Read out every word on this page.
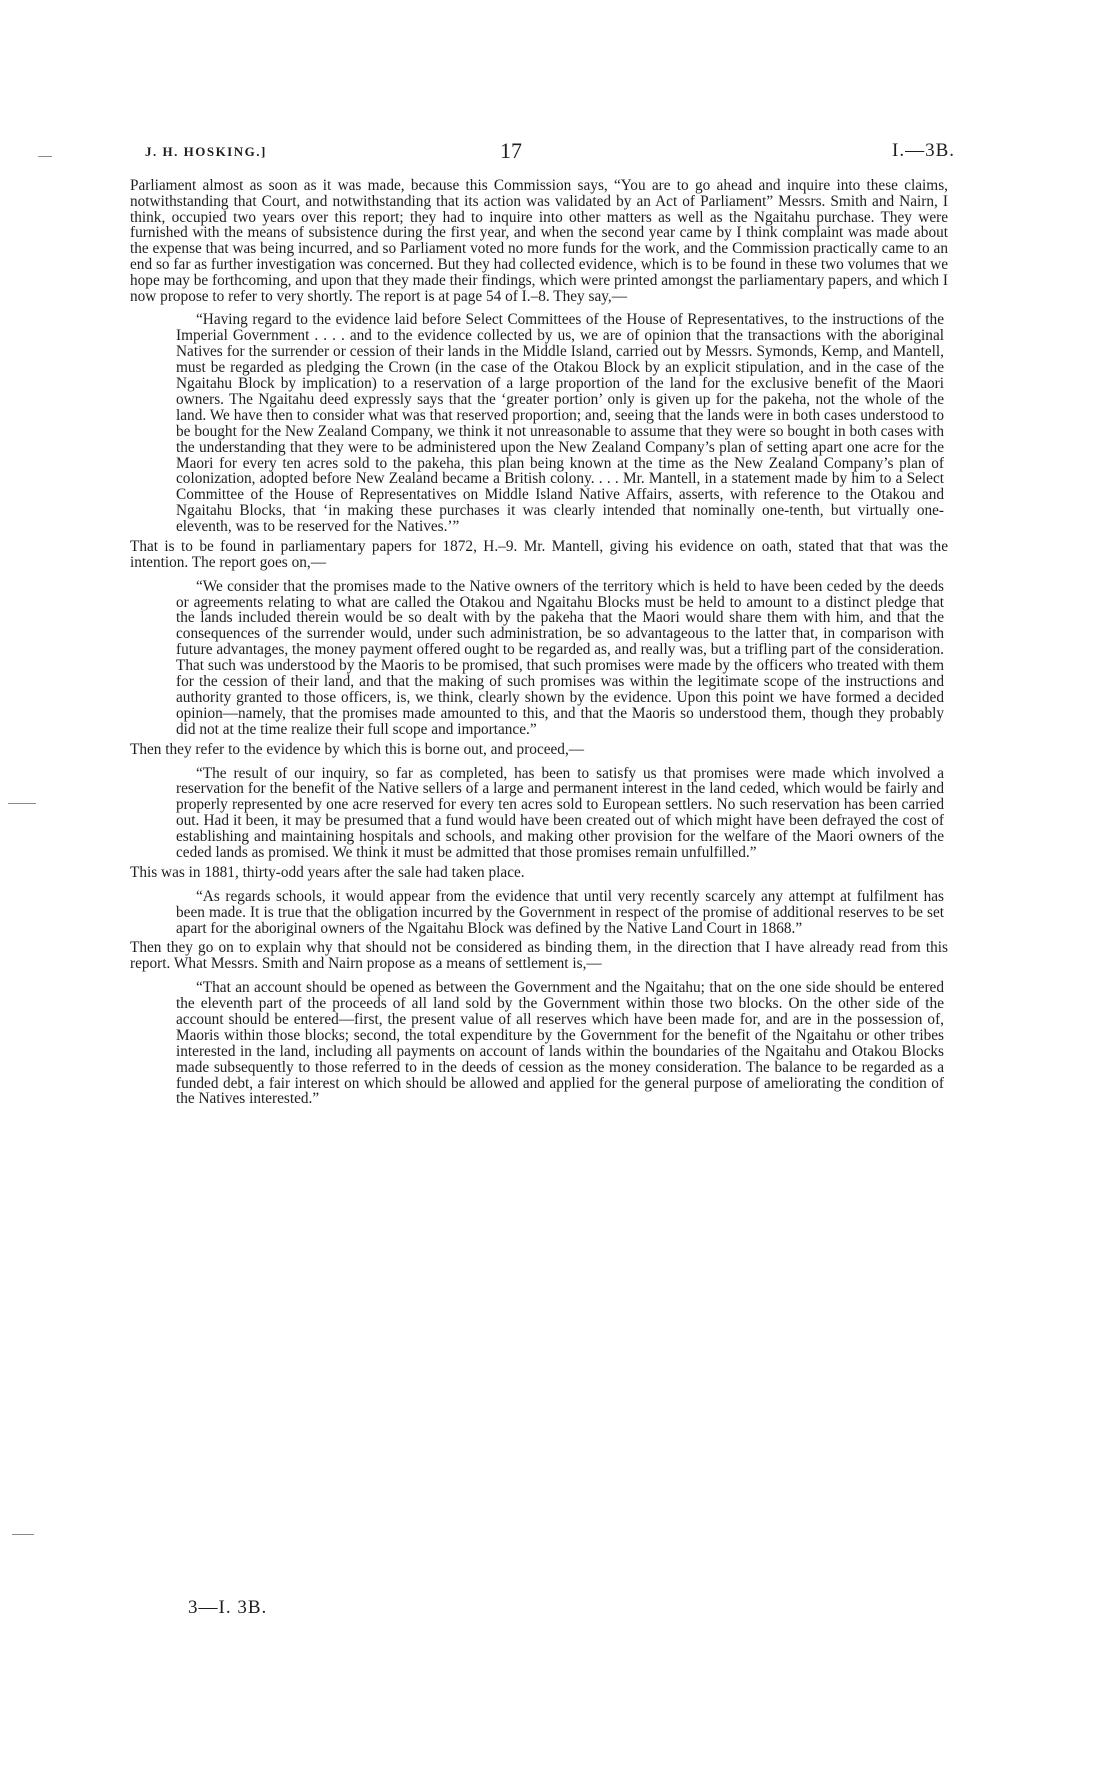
J. H. HOSKING.]	17	I.—3B.

Parliament almost as soon as it was made, because this Commission says, “You are to go ahead and inquire into these claims, notwithstanding that Court, and notwithstanding that its action was validated by an Act of Parliament” Messrs. Smith and Nairn, I think, occupied two years over this report; they had to inquire into other matters as well as the Ngaitahu purchase. They were furnished with the means of subsistence during the first year, and when the second year came by I think complaint was made about the expense that was being incurred, and so Parliament voted no more funds for the work, and the Commission practically came to an end so far as further investigation was concerned. But they had collected evidence, which is to be found in these two volumes that we hope may be forthcoming, and upon that they made their findings, which were printed amongst the parliamentary papers, and which I now propose to refer to very shortly. The report is at page 54 of I.–8. They say,—

“Having regard to the evidence laid before Select Committees of the House of Representatives, to the instructions of the Imperial Government . . . . and to the evidence collected by us, we are of opinion that the transactions with the aboriginal Natives for the surrender or cession of their lands in the Middle Island, carried out by Messrs. Symonds, Kemp, and Mantell, must be regarded as pledging the Crown (in the case of the Otakou Block by an explicit stipulation, and in the case of the Ngaitahu Block by implication) to a reservation of a large proportion of the land for the exclusive benefit of the Maori owners. The Ngaitahu deed expressly says that the ‘greater portion’ only is given up for the pakeha, not the whole of the land. We have then to consider what was that reserved proportion; and, seeing that the lands were in both cases understood to be bought for the New Zealand Company, we think it not unreasonable to assume that they were so bought in both cases with the understanding that they were to be administered upon the New Zealand Company’s plan of setting apart one acre for the Maori for every ten acres sold to the pakeha, this plan being known at the time as the New Zealand Company’s plan of colonization, adopted before New Zealand became a British colony. . . . Mr. Mantell, in a statement made by him to a Select Committee of the House of Representatives on Middle Island Native Affairs, asserts, with reference to the Otakou and Ngaitahu Blocks, that ‘in making these purchases it was clearly intended that nominally one-tenth, but virtually one-eleventh, was to be reserved for the Natives.’”

That is to be found in parliamentary papers for 1872, H.–9. Mr. Mantell, giving his evidence on oath, stated that that was the intention. The report goes on,—

“We consider that the promises made to the Native owners of the territory which is held to have been ceded by the deeds or agreements relating to what are called the Otakou and Ngaitahu Blocks must be held to amount to a distinct pledge that the lands included therein would be so dealt with by the pakeha that the Maori would share them with him, and that the consequences of the surrender would, under such administration, be so advantageous to the latter that, in comparison with future advantages, the money payment offered ought to be regarded as, and really was, but a trifling part of the consideration. That such was understood by the Maoris to be promised, that such promises were made by the officers who treated with them for the cession of their land, and that the making of such promises was within the legitimate scope of the instructions and authority granted to those officers, is, we think, clearly shown by the evidence. Upon this point we have formed a decided opinion—namely, that the promises made amounted to this, and that the Maoris so understood them, though they probably did not at the time realize their full scope and importance.”

Then they refer to the evidence by which this is borne out, and proceed,—

“The result of our inquiry, so far as completed, has been to satisfy us that promises were made which involved a reservation for the benefit of the Native sellers of a large and permanent interest in the land ceded, which would be fairly and properly represented by one acre reserved for every ten acres sold to European settlers. No such reservation has been carried out. Had it been, it may be presumed that a fund would have been created out of which might have been defrayed the cost of establishing and maintaining hospitals and schools, and making other provision for the welfare of the Maori owners of the ceded lands as promised. We think it must be admitted that those promises remain unfulfilled.”

This was in 1881, thirty-odd years after the sale had taken place.

“As regards schools, it would appear from the evidence that until very recently scarcely any attempt at fulfilment has been made. It is true that the obligation incurred by the Government in respect of the promise of additional reserves to be set apart for the aboriginal owners of the Ngaitahu Block was defined by the Native Land Court in 1868.”

Then they go on to explain why that should not be considered as binding them, in the direction that I have already read from this report. What Messrs. Smith and Nairn propose as a means of settlement is,—

“That an account should be opened as between the Government and the Ngaitahu; that on the one side should be entered the eleventh part of the proceeds of all land sold by the Government within those two blocks. On the other side of the account should be entered—first, the present value of all reserves which have been made for, and are in the possession of, Maoris within those blocks; second, the total expenditure by the Government for the benefit of the Ngaitahu or other tribes interested in the land, including all payments on account of lands within the boundaries of the Ngaitahu and Otakou Blocks made subsequently to those referred to in the deeds of cession as the money consideration. The balance to be regarded as a funded debt, a fair interest on which should be allowed and applied for the general purpose of ameliorating the condition of the Natives interested.”

3—I. 3B.
